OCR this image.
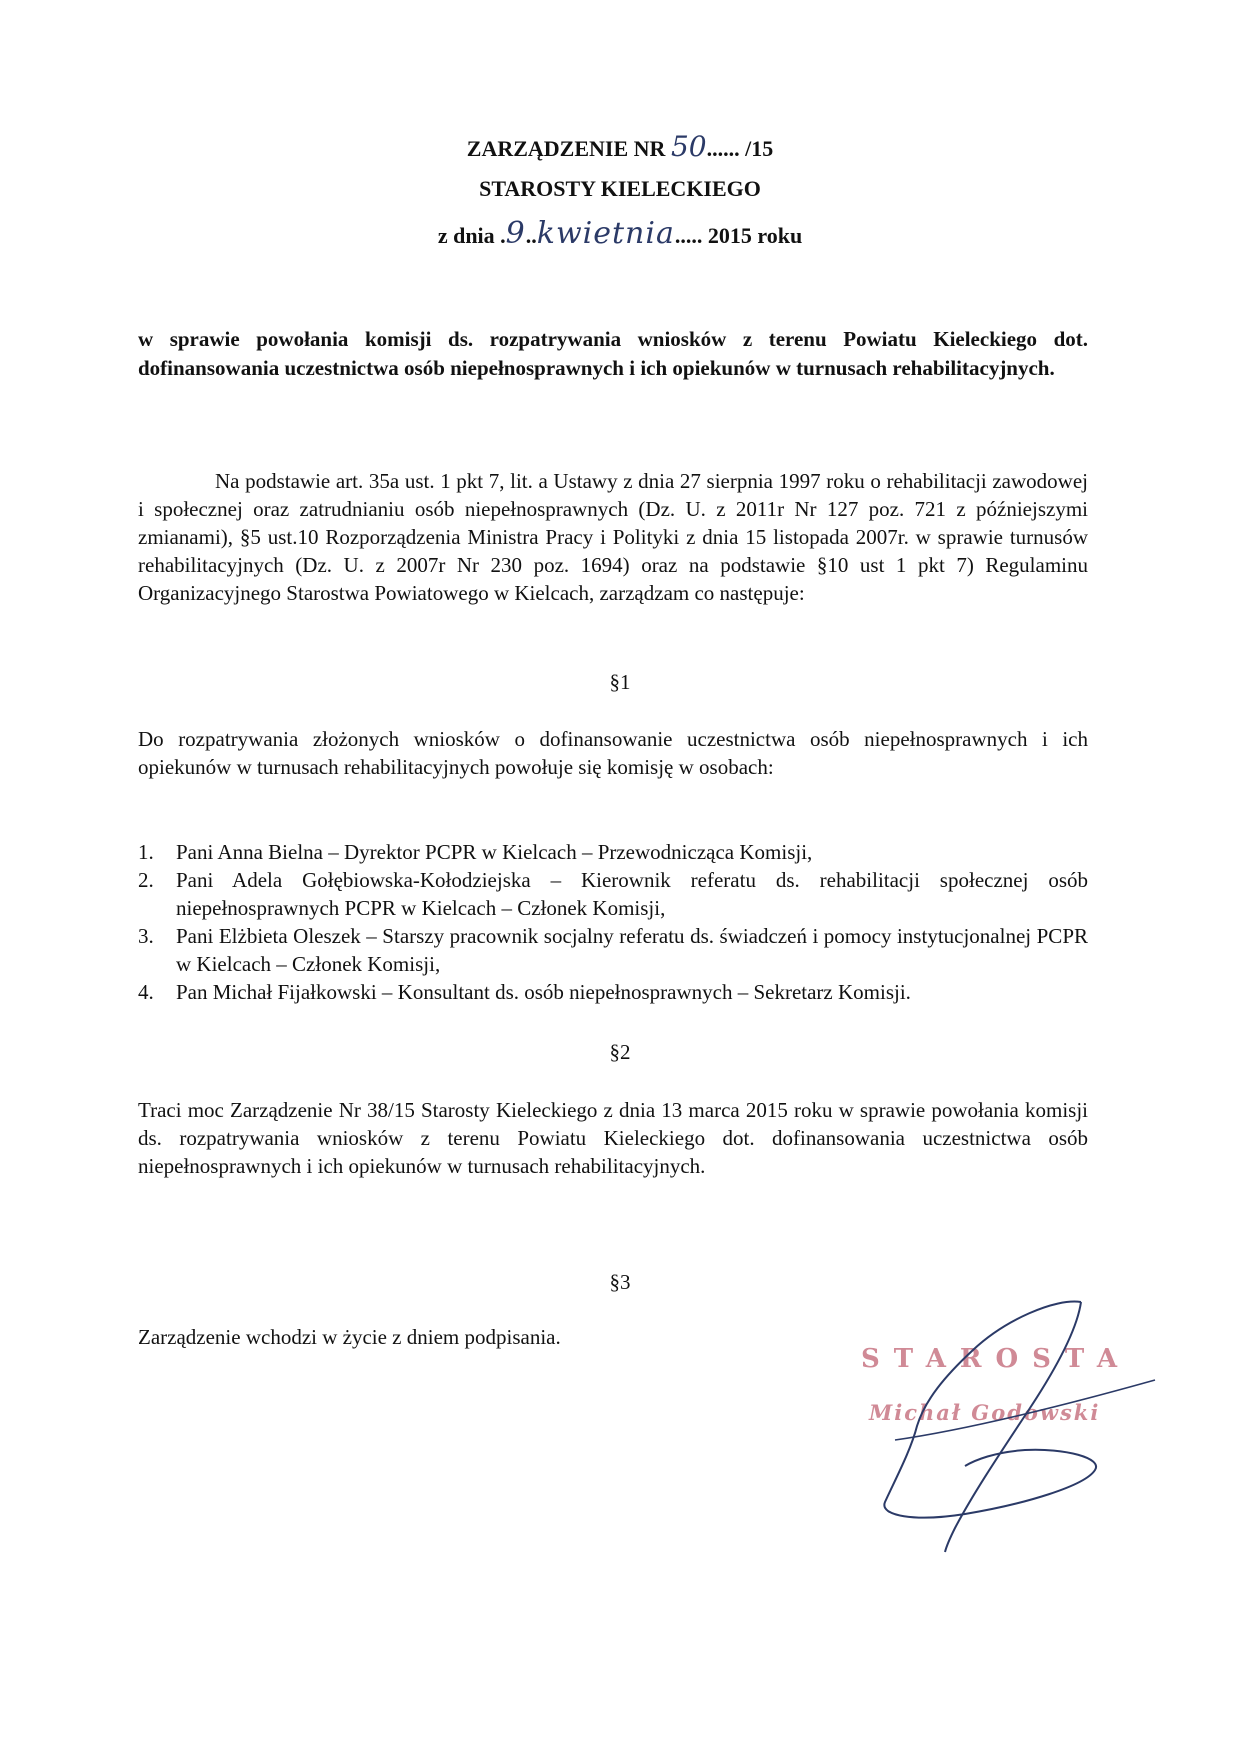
ZARZĄDZENIE NR 50...... /15
STAROSTY KIELECKIEGO
z dnia .9..kwietnia..... 2015 roku
w sprawie powołania komisji ds. rozpatrywania wniosków z terenu Powiatu Kieleckiego dot. dofinansowania uczestnictwa osób niepełnosprawnych i ich opiekunów w turnusach rehabilitacyjnych.
Na podstawie art. 35a ust. 1 pkt 7, lit. a Ustawy z dnia 27 sierpnia 1997 roku o rehabilitacji zawodowej i społecznej oraz zatrudnianiu osób niepełnosprawnych (Dz. U. z 2011r Nr 127 poz. 721 z późniejszymi zmianami), §5 ust.10 Rozporządzenia Ministra Pracy i Polityki z dnia 15 listopada 2007r. w sprawie turnusów rehabilitacyjnych (Dz. U. z 2007r Nr 230 poz. 1694) oraz na podstawie §10 ust 1 pkt 7) Regulaminu Organizacyjnego Starostwa Powiatowego w Kielcach, zarządzam co następuje:
§1
Do rozpatrywania złożonych wniosków o dofinansowanie uczestnictwa osób niepełnosprawnych i ich opiekunów w turnusach rehabilitacyjnych powołuje się komisję w osobach:
1. Pani Anna Bielna – Dyrektor PCPR w Kielcach – Przewodnicząca Komisji,
2. Pani Adela Gołębiowska-Kołodziejska – Kierownik referatu ds. rehabilitacji społecznej osób niepełnosprawnych PCPR w Kielcach – Członek Komisji,
3. Pani Elżbieta Oleszek – Starszy pracownik socjalny referatu ds. świadczeń i pomocy instytucjonalnej PCPR w Kielcach – Członek Komisji,
4. Pan Michał Fijałkowski – Konsultant ds. osób niepełnosprawnych – Sekretarz Komisji.
§2
Traci moc Zarządzenie Nr 38/15 Starosty Kieleckiego z dnia 13 marca 2015 roku w sprawie powołania komisji ds. rozpatrywania wniosków z terenu Powiatu Kieleckiego dot. dofinansowania uczestnictwa osób niepełnosprawnych i ich opiekunów w turnusach rehabilitacyjnych.
§3
Zarządzenie wchodzi w życie z dniem podpisania.
STAROSTA
Michał Godowski
